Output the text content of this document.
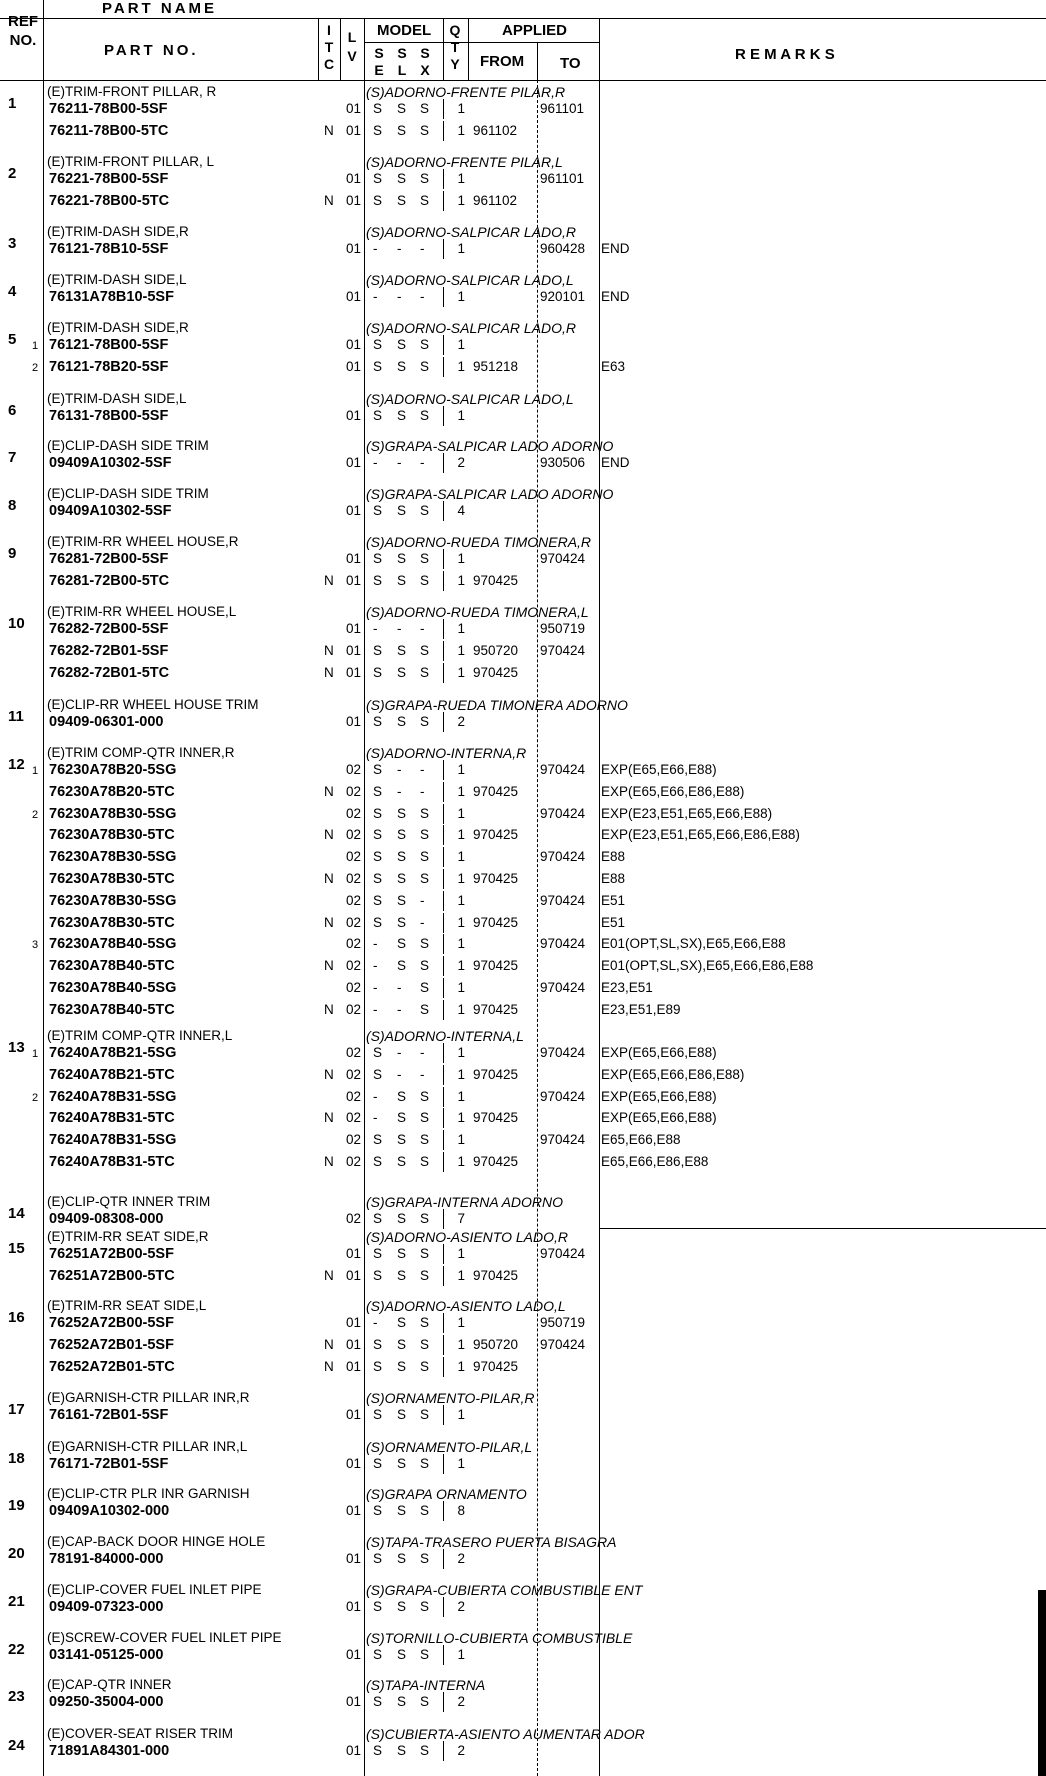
REF
NO.
PART NAME
PART NO.
I
T
C
L
V
MODEL
S
E
S
L
S
X
Q
T
Y
APPLIED
FROM TO
R E M A R K S
1
(E)TRIM-FRONT PILLAR, R	(S)ADORNO-FRENTE PILAR,R
76211-78B00-5SF	01 S S S 1	961101
76211-78B00-5TC	N 01 S S S 1 961102
2
(E)TRIM-FRONT PILLAR, L	(S)ADORNO-FRENTE PILAR,L
76221-78B00-5SF	01 S S S 1	961101
76221-78B00-5TC	N 01 S S S 1 961102
3
(E)TRIM-DASH SIDE,R	(S)ADORNO-SALPICAR LADO,R
76121-78B10-5SF	01 - - - 1	960428 END
4
(E)TRIM-DASH SIDE,L	(S)ADORNO-SALPICAR LADO,L
76131A78B10-5SF	01 - - - 1	920101 END
5
(E)TRIM-DASH SIDE,R	(S)ADORNO-SALPICAR LADO,R
1 76121-78B00-5SF	01 S S S 1
2 76121-78B20-5SF	01 S S S 1 951218	E63
6
(E)TRIM-DASH SIDE,L	(S)ADORNO-SALPICAR LADO,L
76131-78B00-5SF	01 S S S 1
7
(E)CLIP-DASH SIDE TRIM	(S)GRAPA-SALPICAR LADO ADORNO
09409A10302-5SF	01 - - - 2	930506 END
8
(E)CLIP-DASH SIDE TRIM	(S)GRAPA-SALPICAR LADO ADORNO
09409A10302-5SF	01 S S S 4
9
(E)TRIM-RR WHEEL HOUSE,R	(S)ADORNO-RUEDA TIMONERA,R
76281-72B00-5SF	01 S S S 1	970424
76281-72B00-5TC	N 01 S S S 1 970425
10
(E)TRIM-RR WHEEL HOUSE,L	(S)ADORNO-RUEDA TIMONERA,L
76282-72B00-5SF	01 - - - 1	950719
76282-72B01-5SF	N 01 S S S 1 950720 970424
76282-72B01-5TC	N 01 S S S 1 970425
11
(E)CLIP-RR WHEEL HOUSE TRIM	(S)GRAPA-RUEDA TIMONERA ADORNO
09409-06301-000	01 S S S 2
12
(E)TRIM COMP-QTR INNER,R	(S)ADORNO-INTERNA,R
1 76230A78B20-5SG	02 S - - 1	970424 EXP(E65,E66,E88)
76230A78B20-5TC	N 02 S - - 1 970425	EXP(E65,E66,E86,E88)
2 76230A78B30-5SG	02 S S S 1	970424 EXP(E23,E51,E65,E66,E88)
76230A78B30-5TC	N 02 S S S 1 970425	EXP(E23,E51,E65,E66,E86,E88)
76230A78B30-5SG	02 S S S 1	970424 E88
76230A78B30-5TC	N 02 S S S 1 970425	E88
76230A78B30-5SG	02 S S - 1	970424 E51
76230A78B30-5TC	N 02 S S - 1 970425	E51
3 76230A78B40-5SG	02 - S S 1	970424 E01(OPT,SL,SX),E65,E66,E88
76230A78B40-5TC	N 02 - S S 1 970425	E01(OPT,SL,SX),E65,E66,E86,E88
76230A78B40-5SG	02 - - S 1	970424 E23,E51
76230A78B40-5TC	N 02 - - S 1 970425	E23,E51,E89
13
(E)TRIM COMP-QTR INNER,L	(S)ADORNO-INTERNA,L
1 76240A78B21-5SG	02 S - - 1	970424 EXP(E65,E66,E88)
76240A78B21-5TC	N 02 S - - 1 970425	EXP(E65,E66,E86,E88)
2 76240A78B31-5SG	02 - S S 1	970424 EXP(E65,E66,E88)
76240A78B31-5TC	N 02 - S S 1 970425	EXP(E65,E66,E88)
76240A78B31-5SG	02 S S S 1	970424 E65,E66,E88
76240A78B31-5TC	N 02 S S S 1 970425	E65,E66,E86,E88
14
(E)CLIP-QTR INNER TRIM	(S)GRAPA-INTERNA ADORNO
09409-08308-000	02 S S S 7
15
(E)TRIM-RR SEAT SIDE,R	(S)ADORNO-ASIENTO LADO,R
76251A72B00-5SF	01 S S S 1	970424
76251A72B00-5TC	N 01 S S S 1 970425
16
(E)TRIM-RR SEAT SIDE,L	(S)ADORNO-ASIENTO LADO,L
76252A72B00-5SF	01 - S S 1	950719
76252A72B01-5SF	N 01 S S S 1 950720 970424
76252A72B01-5TC	N 01 S S S 1 970425
17
(E)GARNISH-CTR PILLAR INR,R	(S)ORNAMENTO-PILAR,R
76161-72B01-5SF	01 S S S 1
18
(E)GARNISH-CTR PILLAR INR,L	(S)ORNAMENTO-PILAR,L
76171-72B01-5SF	01 S S S 1
19
(E)CLIP-CTR PLR INR GARNISH	(S)GRAPA ORNAMENTO
09409A10302-000	01 S S S 8
20
(E)CAP-BACK DOOR HINGE HOLE	(S)TAPA-TRASERO PUERTA BISAGRA
78191-84000-000	01 S S S 2
21
(E)CLIP-COVER FUEL INLET PIPE	(S)GRAPA-CUBIERTA COMBUSTIBLE ENT
09409-07323-000	01 S S S 2
22
(E)SCREW-COVER FUEL INLET PIPE	(S)TORNILLO-CUBIERTA COMBUSTIBLE
03141-05125-000	01 S S S 1
23
(E)CAP-QTR INNER	(S)TAPA-INTERNA
09250-35004-000	01 S S S 2
24
(E)COVER-SEAT RISER TRIM	(S)CUBIERTA-ASIENTO AUMENTAR ADOR
71891A84301-000	01 S S S 2
